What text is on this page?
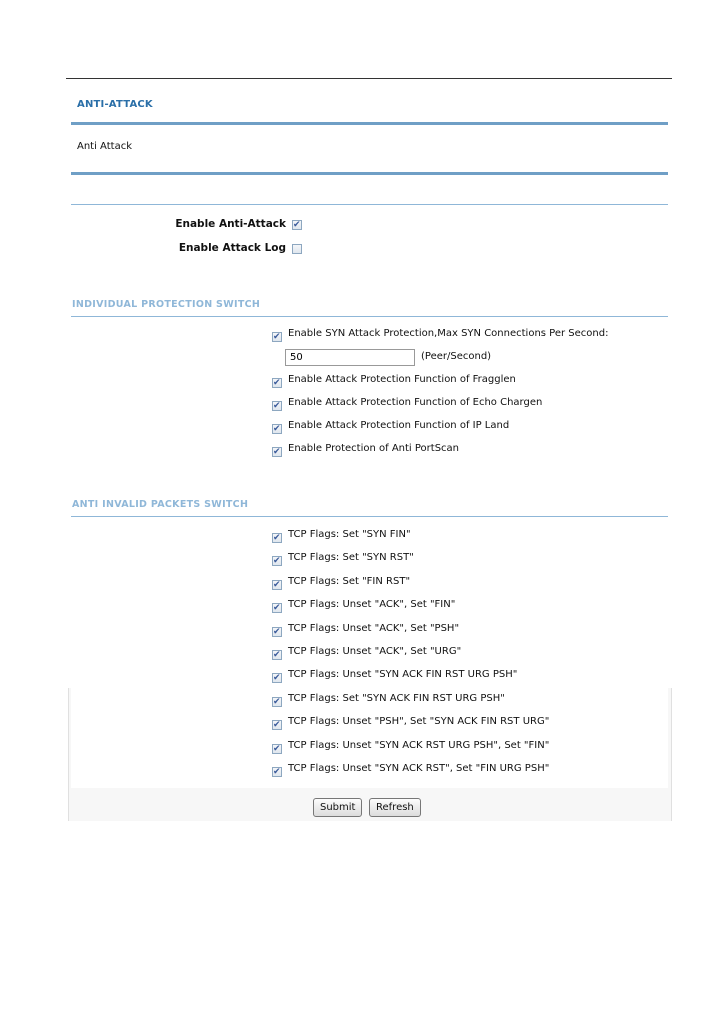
ANTI-ATTACK
Anti Attack
Enable Anti-Attack
✔
Enable Attack Log
INDIVIDUAL PROTECTION SWITCH
✔
Enable SYN Attack Protection,Max SYN Connections Per Second:
50
(Peer/Second)
✔
Enable Attack Protection Function of Fragglen
✔
Enable Attack Protection Function of Echo Chargen
✔
Enable Attack Protection Function of IP Land
✔
Enable Protection of Anti PortScan
ANTI INVALID PACKETS SWITCH
✔
TCP Flags: Set "SYN FIN"
✔
TCP Flags: Set "SYN RST"
✔
TCP Flags: Set "FIN RST"
✔
TCP Flags: Unset "ACK", Set "FIN"
✔
TCP Flags: Unset "ACK", Set "PSH"
✔
TCP Flags: Unset "ACK", Set "URG"
✔
TCP Flags: Unset "SYN ACK FIN RST URG PSH"
✔
TCP Flags: Set "SYN ACK FIN RST URG PSH"
✔
TCP Flags: Unset "PSH", Set "SYN ACK FIN RST URG"
✔
TCP Flags: Unset "SYN ACK RST URG PSH", Set "FIN"
✔
TCP Flags: Unset "SYN ACK RST", Set "FIN URG PSH"
Submit	Refresh
